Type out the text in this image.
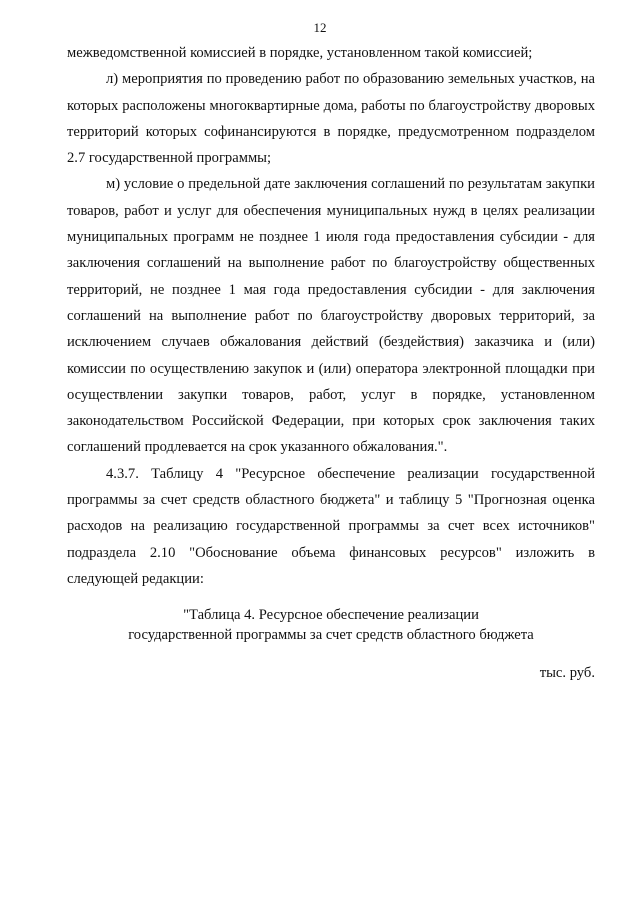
12

межведомственной комиссией в порядке, установленном такой комиссией;

л) мероприятия по проведению работ по образованию земельных участков, на которых расположены многоквартирные дома, работы по благоустройству дворовых территорий которых софинансируются в порядке, предусмотренном подразделом 2.7 государственной программы;

м) условие о предельной дате заключения соглашений по результатам закупки товаров, работ и услуг для обеспечения муниципальных нужд в целях реализации муниципальных программ не позднее 1 июля года предоставления субсидии - для заключения соглашений на выполнение работ по благоустройству общественных территорий, не позднее 1 мая года предоставления субсидии - для заключения соглашений на выполнение работ по благоустройству дворовых территорий, за исключением случаев обжалования действий (бездействия) заказчика и (или) комиссии по осуществлению закупок и (или) оператора электронной площадки при осуществлении закупки товаров, работ, услуг в порядке, установленном законодательством Российской Федерации, при которых срок заключения таких соглашений продлевается на срок указанного обжалования.".

4.3.7. Таблицу 4 "Ресурсное обеспечение реализации государственной программы за счет средств областного бюджета" и таблицу 5 "Прогнозная оценка расходов на реализацию государственной программы за счет всех источников" подраздела 2.10 "Обоснование объема финансовых ресурсов" изложить в следующей редакции:

"Таблица 4. Ресурсное обеспечение реализации
государственной программы за счет средств областного бюджета
тыс. руб.
